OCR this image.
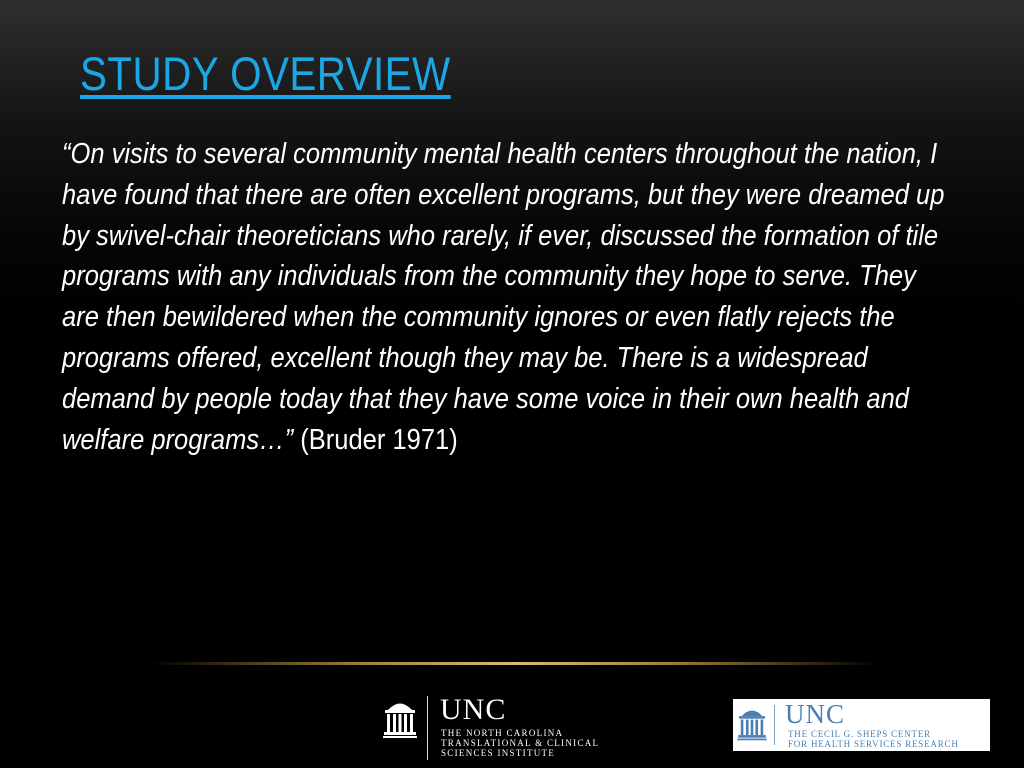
STUDY OVERVIEW
“On visits to several community mental health centers throughout the nation, I have found that there are often excellent programs, but they were dreamed up by swivel-chair theoreticians who rarely, if ever, discussed the formation of tile programs with any individuals from the community they hope to serve. They are then bewildered when the community ignores or even flatly rejects the programs offered, excellent though they may be. There is a widespread demand by people today that they have some voice in their own health and welfare programs…” (Bruder 1971)
UNC
THE NORTH CAROLINA
TRANSLATIONAL & CLINICAL
SCIENCES INSTITUTE
UNC
THE CECIL G. SHEPS CENTER
FOR HEALTH SERVICES RESEARCH
